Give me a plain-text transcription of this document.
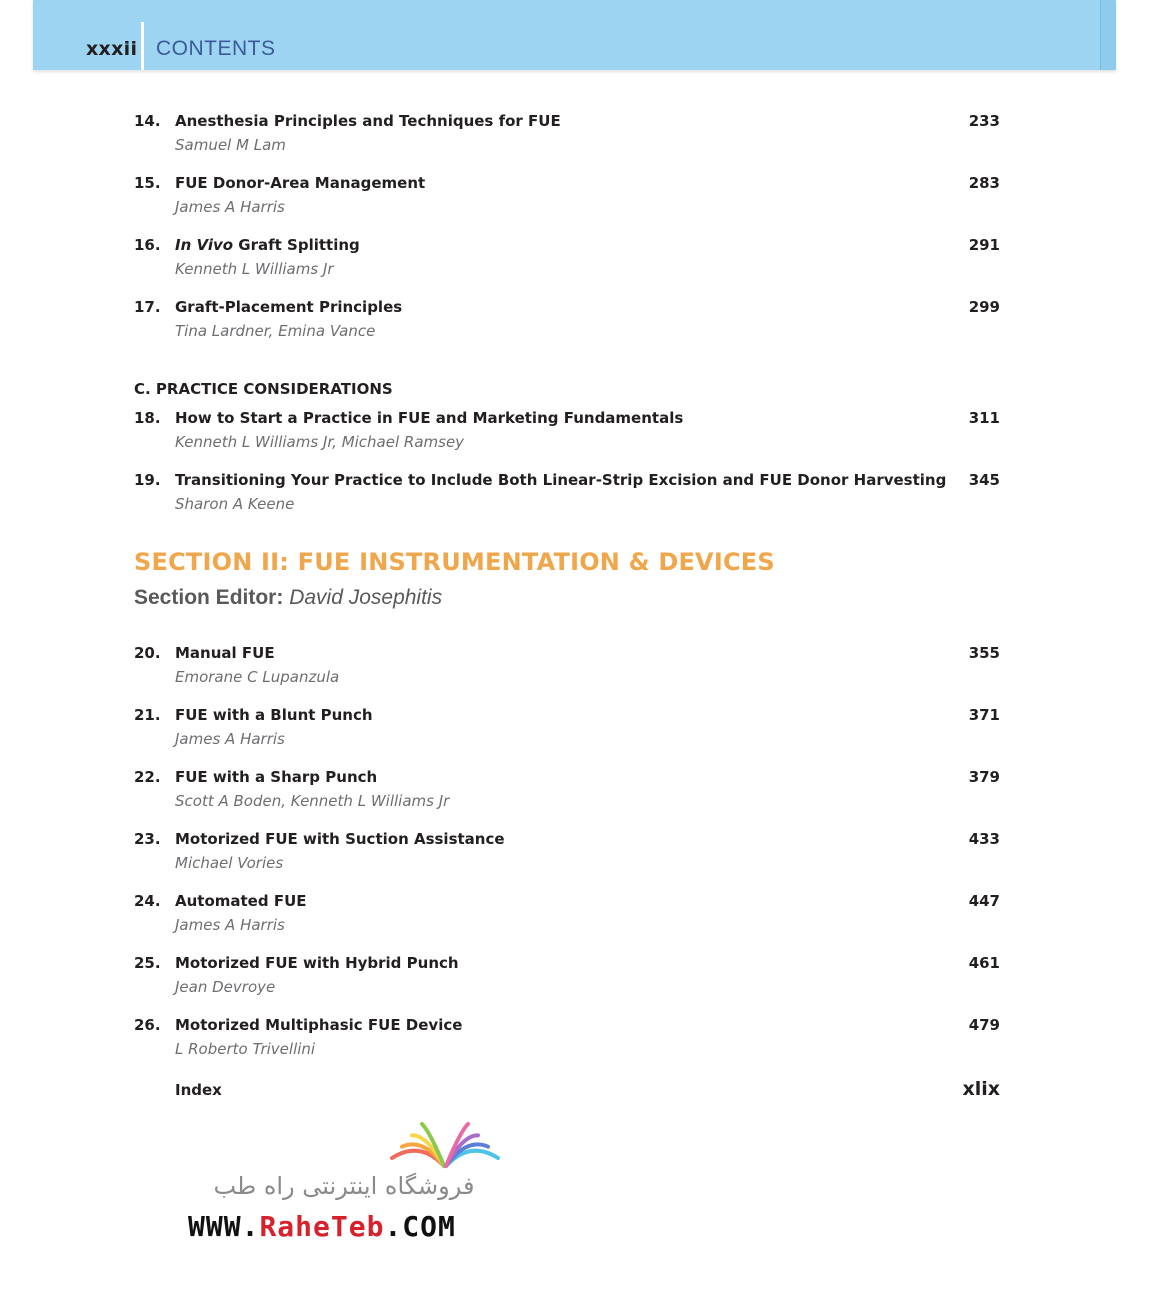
xxxii CONTENTS
14. Anesthesia Principles and Techniques for FUE	233
Samuel M Lam
15. FUE Donor-Area Management	283
James A Harris
16. In Vivo Graft Splitting	291
Kenneth L Williams Jr
17. Graft-Placement Principles	299
Tina Lardner, Emina Vance
C. PRACTICE CONSIDERATIONS
18. How to Start a Practice in FUE and Marketing Fundamentals	311
Kenneth L Williams Jr, Michael Ramsey
19. Transitioning Your Practice to Include Both Linear-Strip Excision and FUE Donor Harvesting 345
Sharon A Keene
SECTION II: FUE INSTRUMENTATION & DEVICES
Section Editor: David Josephitis
20. Manual FUE	355
Emorane C Lupanzula
21. FUE with a Blunt Punch	371
James A Harris
22. FUE with a Sharp Punch	379
Scott A Boden, Kenneth L Williams Jr
23. Motorized FUE with Suction Assistance	433
Michael Vories
24. Automated FUE	447
James A Harris
25. Motorized FUE with Hybrid Punch	461
Jean Devroye
26. Motorized Multiphasic FUE Device	479
L Roberto Trivellini
Index	xlix
فروشگاه اینترنتی راه طب
WWW.RaheTeb.COM
